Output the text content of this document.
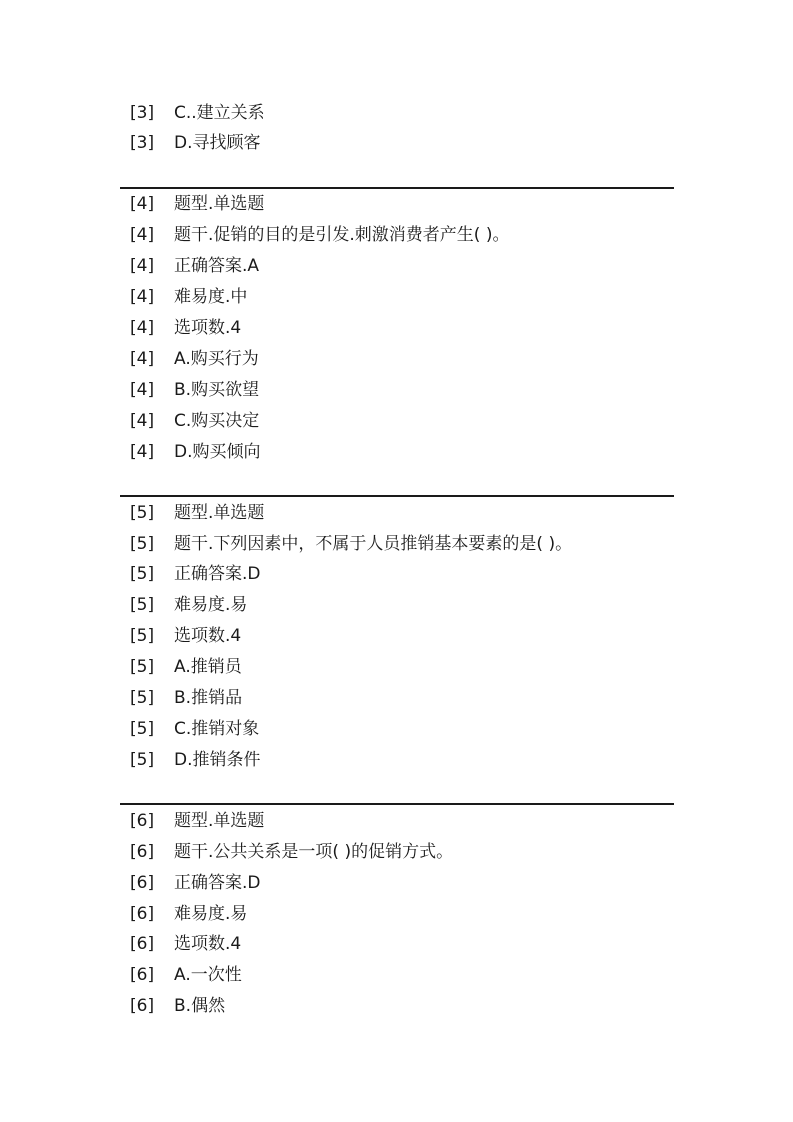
[3] C..建立关系
[3] D.寻找顾客
[4] 题型.单选题
[4] 题干.促销的目的是引发.刺激消费者产生( )。
[4] 正确答案.A
[4] 难易度.中
[4] 选项数.4
[4] A.购买行为
[4] B.购买欲望
[4] C.购买决定
[4] D.购买倾向
[5] 题型.单选题
[5] 题干.下列因素中，不属于人员推销基本要素的是( )。
[5] 正确答案.D
[5] 难易度.易
[5] 选项数.4
[5] A.推销员
[5] B.推销品
[5] C.推销对象
[5] D.推销条件
[6] 题型.单选题
[6] 题干.公共关系是一项( )的促销方式。
[6] 正确答案.D
[6] 难易度.易
[6] 选项数.4
[6] A.一次性
[6] B.偶然
